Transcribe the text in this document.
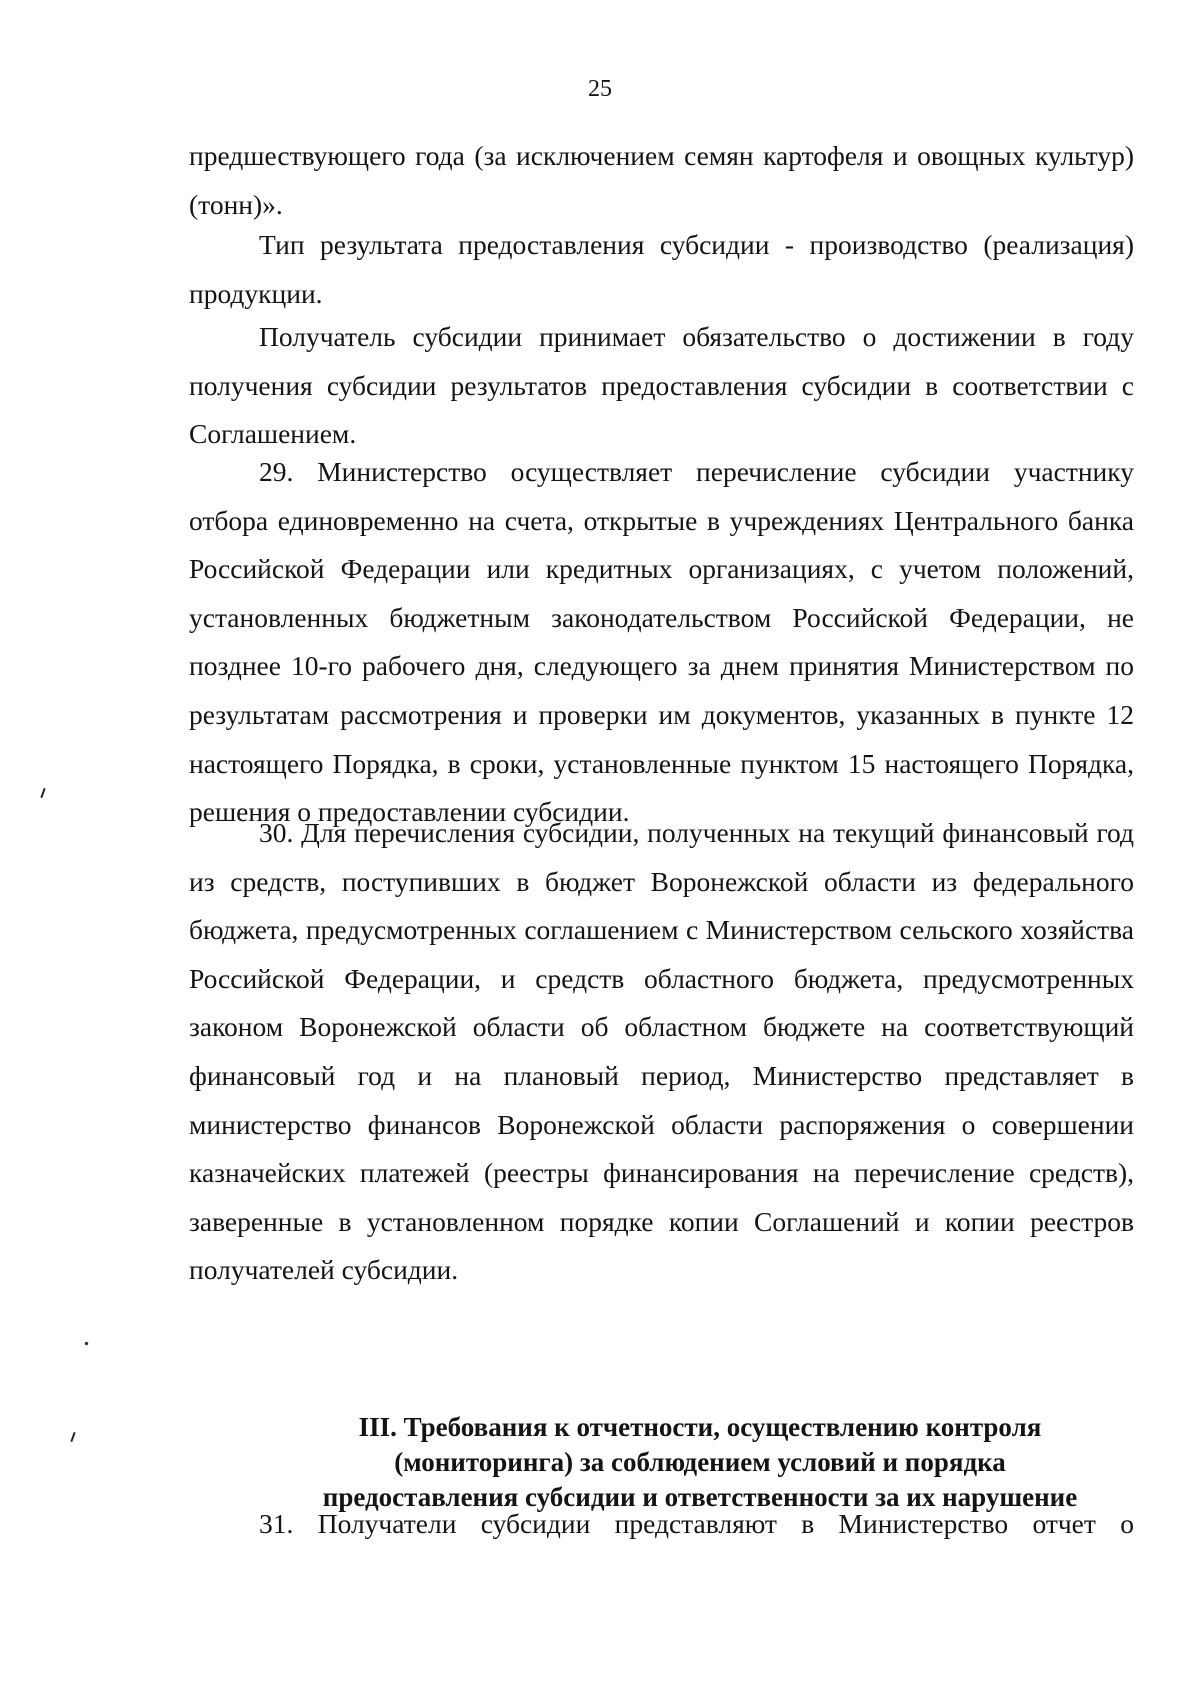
25

предшествующего года (за исключением семян картофеля и овощных культур) (тонн)».

Тип результата предоставления субсидии - производство (реализация) продукции.

Получатель субсидии принимает обязательство о достижении в году получения субсидии результатов предоставления субсидии в соответствии с Соглашением.

29. Министерство осуществляет перечисление субсидии участнику отбора единовременно на счета, открытые в учреждениях Центрального банка Российской Федерации или кредитных организациях, с учетом положений, установленных бюджетным законодательством Российской Федерации, не позднее 10-го рабочего дня, следующего за днем принятия Министерством по результатам рассмотрения и проверки им документов, указанных в пункте 12 настоящего Порядка, в сроки, установленные пунктом 15 настоящего Порядка, решения о предоставлении субсидии.

30. Для перечисления субсидии, полученных на текущий финансовый год из средств, поступивших в бюджет Воронежской области из федерального бюджета, предусмотренных соглашением с Министерством сельского хозяйства Российской Федерации, и средств областного бюджета, предусмотренных законом Воронежской области об областном бюджете на соответствующий финансовый год и на плановый период, Министерство представляет в министерство финансов Воронежской области распоряжения о совершении казначейских платежей (реестры финансирования на перечисление средств), заверенные в установленном порядке копии Соглашений и копии реестров получателей субсидии.

III. Требования к отчетности, осуществлению контроля
(мониторинга) за соблюдением условий и порядка
предоставления субсидии и ответственности за их нарушение

31. Получатели субсидии представляют в Министерство отчет о
